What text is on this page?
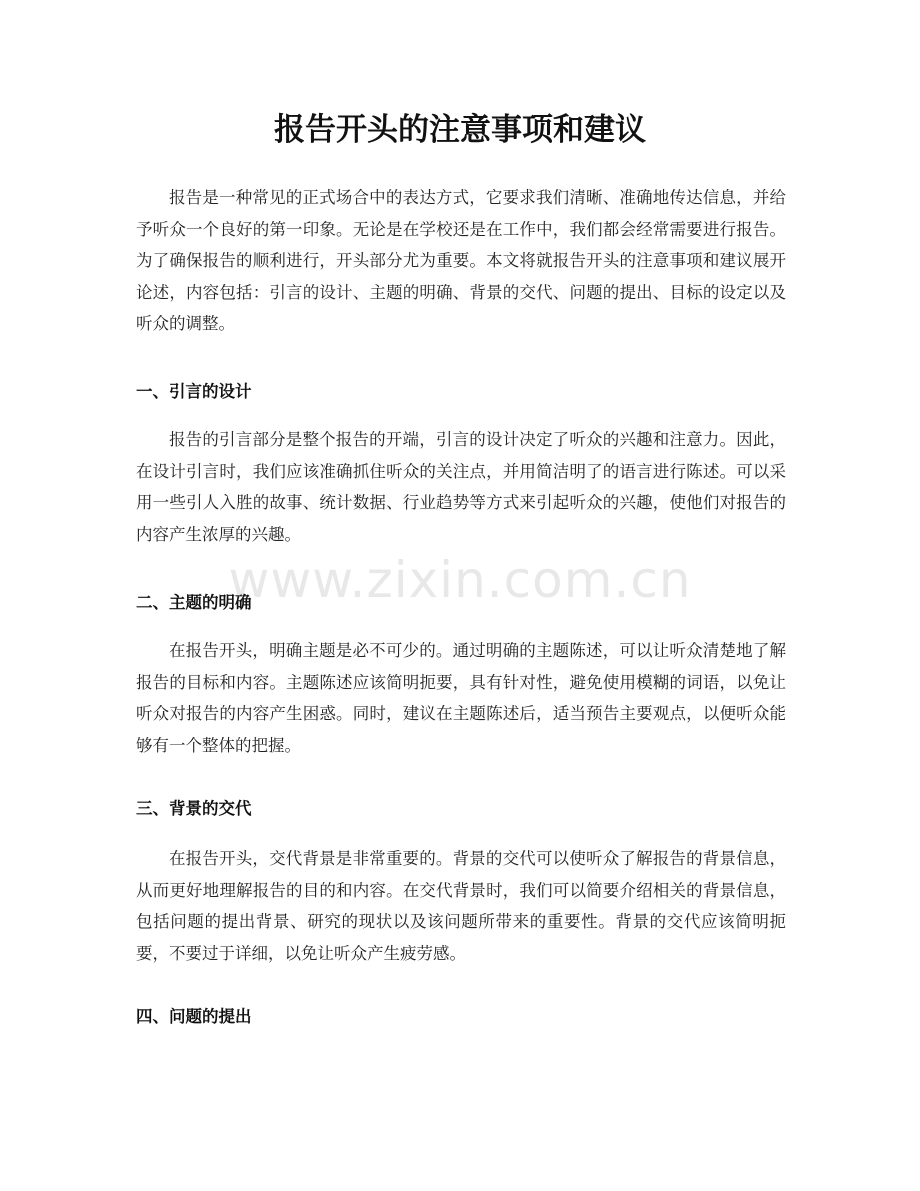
报告开头的注意事项和建议

报告是一种常见的正式场合中的表达方式，它要求我们清晰、准确地传达信息，并给予听众一个良好的第一印象。无论是在学校还是在工作中，我们都会经常需要进行报告。为了确保报告的顺利进行，开头部分尤为重要。本文将就报告开头的注意事项和建议展开论述，内容包括：引言的设计、主题的明确、背景的交代、问题的提出、目标的设定以及听众的调整。

一、引言的设计

报告的引言部分是整个报告的开端，引言的设计决定了听众的兴趣和注意力。因此，在设计引言时，我们应该准确抓住听众的关注点，并用简洁明了的语言进行陈述。可以采用一些引人入胜的故事、统计数据、行业趋势等方式来引起听众的兴趣，使他们对报告的内容产生浓厚的兴趣。

二、主题的明确

在报告开头，明确主题是必不可少的。通过明确的主题陈述，可以让听众清楚地了解报告的目标和内容。主题陈述应该简明扼要，具有针对性，避免使用模糊的词语，以免让听众对报告的内容产生困惑。同时，建议在主题陈述后，适当预告主要观点，以便听众能够有一个整体的把握。

三、背景的交代

在报告开头，交代背景是非常重要的。背景的交代可以使听众了解报告的背景信息，从而更好地理解报告的目的和内容。在交代背景时，我们可以简要介绍相关的背景信息，包括问题的提出背景、研究的现状以及该问题所带来的重要性。背景的交代应该简明扼要，不要过于详细，以免让听众产生疲劳感。

四、问题的提出
www.zixin.com.cn
